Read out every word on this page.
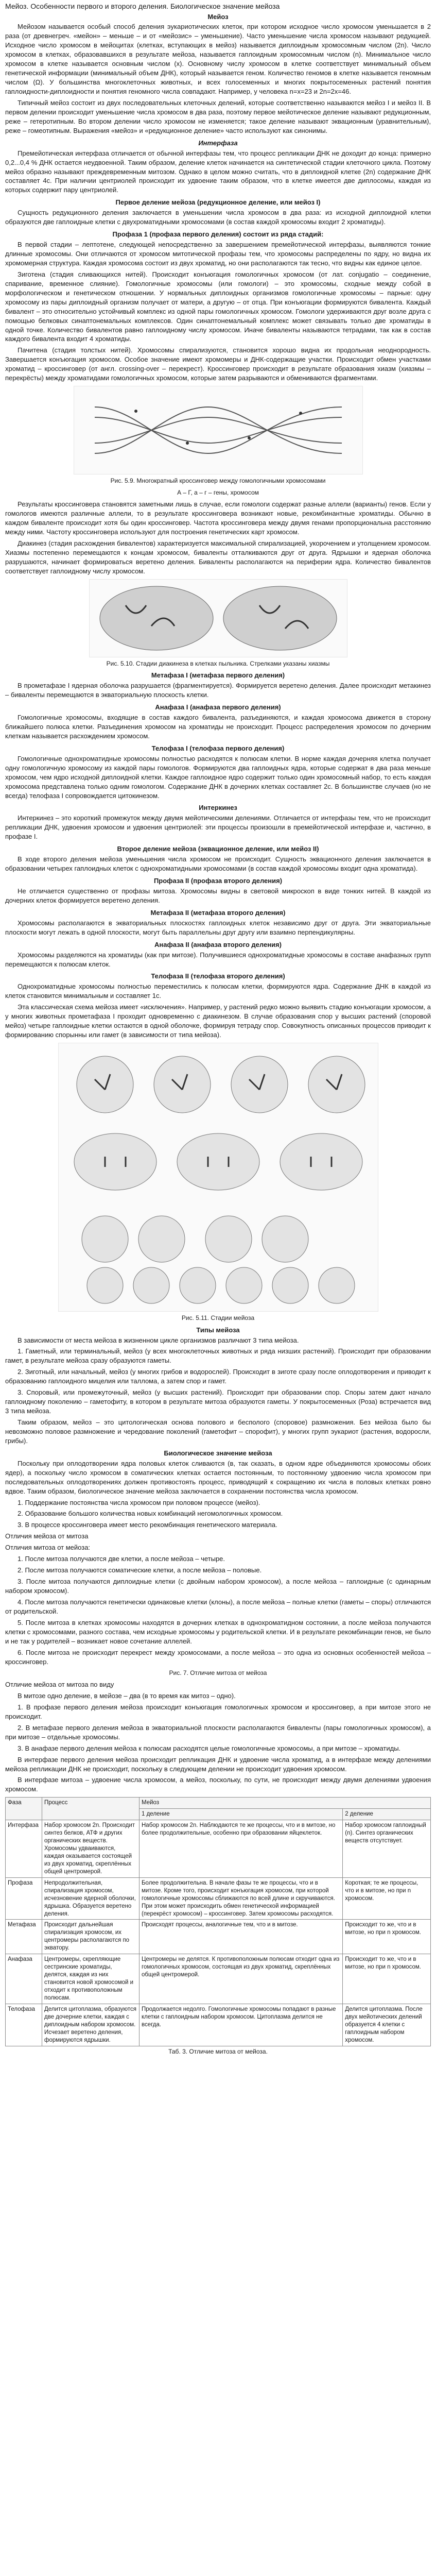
Мейоз. Особенности первого и второго деления. Биологическое значение мейоза
Мейоз

Мейозом называется особый способ деления эукариотических клеток, при котором исходное число хромосом уменьшается в 2 раза (от древнегреч. «мейон» – меньше – и от «мейозис» – уменьшение). Часто уменьшение числа хромосом называют редукцией. Исходное число хромосом в мейоцитах (клетках, вступающих в мейоз) называется диплоидным хромосомным числом (2n). Число хромосом в клетках, образовавшихся в результате мейоза, называется гаплоидным хромосомным числом (n). Минимальное число хромосом в клетке называется основным числом (x). Основному числу хромосом в клетке соответствует минимальный объем генетической информации (минимальный объем ДНК), который называется геном. Количество геномов в клетке называется геномным числом (Ω). У большинства многоклеточных животных, и всех голосеменных и многих покрытосеменных растений понятия гаплоидности-диплоидности и понятия геномного числа совпадают. Например, у человека n=x=23 и 2n=2x=46.

Типичный мейоз состоит из двух последовательных клеточных делений, которые соответственно называются мейоз I и мейоз II. В первом делении происходит уменьшение числа хромосом в два раза, поэтому первое мейотическое деление называют редукционным, реже – гетеротипным. Во втором делении число хромосом не изменяется; такое деление называют эквационным (уравнительным), реже – гомеотипным. Выражения «мейоз» и «редукционное деление» часто используют как синонимы.

Интерфаза

Премейотическая интерфаза отличается от обычной интерфазы тем, что процесс репликации ДНК не доходит до конца: примерно 0,2...0,4 % ДНК остается неудвоенной. Таким образом, деление клеток начинается на синтетической стадии клеточного цикла. Поэтому мейоз образно называют преждевременным митозом. Однако в целом можно считать, что в диплоидной клетке (2n) содержание ДНК составляет 4c. При наличии центриолей происходит их удвоение таким образом, что в клетке имеется две диплосомы, каждая из которых содержит пару центриолей.

Первое деление мейоза (редукционное деление, или мейоз I)

Сущность редукционного деления заключается в уменьшении числа хромосом в два раза: из исходной диплоидной клетки образуются две гаплоидные клетки с двухроматидными хромосомами (в состав каждой хромосомы входит 2 хроматиды).

Профаза 1 (профаза первого деления) состоит из ряда стадий:

В первой стадии – лептотене, следующей непосредственно за завершением премейотической интерфазы, выявляются тонкие длинные хромосомы. Они отличаются от хромосом митотической профазы тем, что хромосомы распределены по ядру, но видна их хромомерная структура. Каждая хромосома состоит из двух хроматид, но они располагаются так тесно, что видны как единое целое.

Зиготена (стадия сливающихся нитей). Происходит конъюгация гомологичных хромосом (от лат. conjugatio – соединение, спаривание, временное слияние). Гомологичные хромосомы (или гомологи) – это хромосомы, сходные между собой в морфологическом и генетическом отношении. У нормальных диплоидных организмов гомологичные хромосомы – парные: одну хромосому из пары диплоидный организм получает от матери, а другую – от отца. При конъюгации формируются бивалента. Каждый бивалент – это относительно устойчивый комплекс из одной пары гомологичных хромосом. Гомологи удерживаются друг возле друга с помощью белковых синаптонемальных комплексов. Один синаптонемальный комплекс может связывать только две хроматиды в одной точке. Количество бивалентов равно гаплоидному числу хромосом. Иначе биваленты называются тетрадами, так как в состав каждого бивалента входит 4 хроматиды.

Пачитена (стадия толстых нитей). Хромосомы спирализуются, становится хорошо видна их продольная неоднородность. Завершается конъюгация хромосом. Особое значение имеют хромомеры и ДНК-содержащие участки. Происходит обмен участками хроматид – кроссинговер (от англ. crossing-over – перекрест). Кроссинговер происходит в результате образования хиазм (хиазмы – перекрёсты) между хроматидами гомологичных хромосом, которые затем разрываются и обмениваются фрагментами.

Рис. 5.9. Многократный кроссинговер между гомологичными хромосомами
А – Г, а – г – гены, хромосом

Результаты кроссинговера становятся заметными лишь в случае, если гомологи содержат разные аллели (варианты) генов. Если у гомологов имеются различные аллели, то в результате кроссинговера возникают новые, рекомбинантные хроматиды. Обычно в каждом биваленте происходит хотя бы один кроссинговер. Частота кроссинговера между двумя генами пропорциональна расстоянию между ними. Частоту кроссинговера используют для построения генетических карт хромосом.

Диакинез (стадия расхождения бивалентов) характеризуется максимальной спирализацией, укорочением и утолщением хромосом. Хиазмы постепенно перемещаются к концам хромосом, биваленты отталкиваются друг от друга. Ядрышки и ядерная оболочка разрушаются, начинает формироваться веретено деления. Биваленты располагаются на периферии ядра. Количество бивалентов соответствует гаплоидному числу хромосом.

Рис. 5.10. Стадии диакинеза в клетках пыльника. Стрелками указаны хиазмы
Метафаза I (метафаза первого деления)

В прометафазе I ядерная оболочка разрушается (фрагментируется). Формируется веретено деления. Далее происходит метакинез – биваленты перемещаются в экваториальную плоскость клетки.

Анафаза I (анафаза первого деления)

Гомологичные хромосомы, входящие в состав каждого бивалента, разъединяются, и каждая хромосома движется в сторону ближайшего полюса клетки. Разъединения хромосом на хроматиды не происходит. Процесс распределения хромосом по дочерним клеткам называется расхождением хромосом.

Телофаза I (телофаза первого деления)

Гомологичные однохроматидные хромосомы полностью расходятся к полюсам клетки. В норме каждая дочерняя клетка получает одну гомологичную хромосому из каждой пары гомологов. Формируются два гаплоидных ядра, которые содержат в два раза меньше хромосом, чем ядро исходной диплоидной клетки. Каждое гаплоидное ядро содержит только один хромосомный набор, то есть каждая хромосома представлена только одним гомологом. Содержание ДНК в дочерних клетках составляет 2c. В большинстве случаев (но не всегда) телофаза I сопровождается цитокинезом.

Интеркинез

Интеркинез – это короткий промежуток между двумя мейотическими делениями. Отличается от интерфазы тем, что не происходит репликации ДНК, удвоения хромосом и удвоения центриолей: эти процессы произошли в премейотической интерфазе и, частично, в профазе I.

Второе деление мейоза (эквационное деление, или мейоз II)

В ходе второго деления мейоза уменьшения числа хромосом не происходит. Сущность эквационного деления заключается в образовании четырех гаплоидных клеток с однохроматидными хромосомами (в состав каждой хромосомы входит одна хроматида).

Профаза II (профаза второго деления)

Не отличается существенно от профазы митоза. Хромосомы видны в световой микроскоп в виде тонких нитей. В каждой из дочерних клеток формируется веретено деления.

Метафаза II (метафаза второго деления)

Хромосомы располагаются в экваториальных плоскостях гаплоидных клеток независимо друг от друга. Эти экваториальные плоскости могут лежать в одной плоскости, могут быть параллельны друг другу или взаимно перпендикулярны.

Анафаза II (анафаза второго деления)

Хромосомы разделяются на хроматиды (как при митозе). Получившиеся однохроматидные хромосомы в составе анафазных групп перемещаются к полюсам клеток.

Телофаза II (телофаза второго деления)

Однохроматидные хромосомы полностью переместились к полюсам клетки, формируются ядра. Содержание ДНК в каждой из клеток становится минимальным и составляет 1c.

Эта классическая схема мейоза имеет «исключения». Например, у растений редко можно выявить стадию конъюгации хромосом, а у многих животных прометафаза I проходит одновременно с диакинезом. В случае образования спор у высших растений (споровой мейоз) четыре гаплоидные клетки остаются в одной оболочке, формируя тетраду спор. Совокупность описанных процессов приводит к формированию спорынны или гамет (в зависимости от типа мейоза).

Рис. 5.11. Стадии мейоза
Типы мейоза

В зависимости от места мейоза в жизненном цикле организмов различают 3 типа мейоза.

1. Гаметный, или терминальный, мейоз (у всех многоклеточных животных и ряда низших растений). Происходит при образовании гамет, в результате мейоза сразу образуются гаметы.
2. Зиготный, или начальный, мейоз (у многих грибов и водорослей). Происходит в зиготе сразу после оплодотворения и приводит к образованию гаплоидного мицелия или таллома, а затем спор и гамет.
3. Споровый, или промежуточный, мейоз (у высших растений). Происходит при образовании спор. Споры затем дают начало гаплоидному поколению – гаметофиту, в котором в результате митоза образуются гаметы. У покрытосеменных (Роза) встречается вид 3 типа мейоза.

Таким образом, мейоз – это цитологическая основа полового и бесполого (споровое) размножения. Без мейоза было бы невозможно половое размножение и чередование поколений (гаметофит – спорофит), у многих групп эукариот (растения, водоросли, грибы).

Биологическое значение мейоза

Поскольку при оплодотворении ядра половых клеток сливаются (в, так сказать, в одном ядре объединяются хромосомы обоих ядер), а поскольку число хромосом в соматических клетках остается постоянным, то постоянному удвоению числа хромосом при последовательных оплодотворениях должен противостоять процесс, приводящий к сокращению их числа в половых клетках ровно вдвое. Таким образом, биологическое значение мейоза заключается в сохранении постоянства числа хромосом.

1. Поддержание постоянства числа хромосом при половом процессе (мейоз).
2. Образование большого количества новых комбинаций негомологичных хромосом.
3. В процессе кроссинговера имеет место рекомбинация генетического материала.

Отличия мейоза от митоза

Отличия митоза от мейоза:

1. После митоза получаются две клетки, а после мейоза – четыре.
2. После митоза получаются соматические клетки, а после мейоза – половые.
3. После митоза получаются диплоидные клетки (с двойным набором хромосом), а после мейоза – гаплоидные (с одинарным набором хромосом).
4. После митоза получаются генетически одинаковые клетки (клоны), а после мейоза – полные клетки (гаметы – споры) отличаются от родительской.
5. После митоза в клетках хромосомы находятся в дочерних клетках в однохроматидном состоянии, а после мейоза получаются клетки с хромосомами, разного состава, чем исходные хромосомы у родительской клетки. И в результате рекомбинации генов, не было и не так у родителей – возникает новое сочетание аллелей.
6. После митоза не происходит перекрест между хромосомами, а после мейоза – это одна из основных особенностей мейоза – кроссинговер.
Рис. 7. Отличие митоза от мейоза

Отличие мейоза от митоза по виду

В митозе одно деление, в мейозе – два (в то время как митоз – одно).
1. В профазе первого деления мейоза происходит конъюгация гомологичных хромосом и кроссинговер, а при митозе этого не происходит.
2. В метафазе первого деления мейоза в экваториальной плоскости располагаются биваленты (пары гомологичных хромосом), а при митозе – отдельные хромосомы.
3. В анафазе первого деления мейоза к полюсам расходятся целые гомологичные хромосомы, а при митозе – хроматиды.

В интерфазе первого деления мейоза происходит репликация ДНК и удвоение числа хроматид, а в интерфазе между делениями мейоза репликации ДНК не происходит, поскольку в следующем делении не происходит удвоения хромосом.

В интерфазе митоза – удвоение числа хромосом, а мейоз, поскольку, по сути, не происходит между двумя делениями удвоения хромосом.

Фаза	Процесс	Мейоз	
		1 деление	2 деление
Интерфаза	Набор хромосом 2n. Происходит синтез белков, АТФ и других органических веществ. Хромосомы удваиваются, каждая оказывается состоящей из двух хроматид, скреплённых общей центромерой.	Набор хромосом 2n. Наблюдаются те же процессы, что и в митозе, но более продолжительные, особенно при образовании яйцеклеток.	Набор хромосом гаплоидный (n). Синтез органических веществ отсутствует.
Профаза	Непродолжительная, спирализация хромосом, исчезновение ядерной оболочки, ядрышка. Образуется веретено деления.	Более продолжительна. В начале фазы те же процессы, что и в митозе. Кроме того, происходит конъюгация хромосом, при которой гомологичные хромосомы сближаются по всей длине и скручиваются. При этом может происходить обмен генетической информацией (перекрёст хромосом) – кроссинговер. Затем хромосомы расходятся.	Короткая; те же процессы, что и в митозе, но при n хромосом.
Метафаза	Происходит дальнейшая спирализация хромосом, их центромеры располагаются по экватору.	Происходят процессы, аналогичные тем, что и в митозе.	Происходит то же, что и в митозе, но при n хромосом.
Анафаза	Центромеры, скрепляющие сестринские хроматиды, делятся, каждая из них становится новой хромосомой и отходит к противоположным полюсам.	Центромеры не делятся. К противоположным полюсам отходит одна из гомологичных хромосом, состоящая из двух хроматид, скреплённых общей центромерой.	Происходит то же, что и в митозе, но при n хромосом.
Телофаза	Делится цитоплазма, образуются две дочерние клетки, каждая с диплоидным набором хромосом. Исчезает веретено деления, формируются ядрышки.	Продолжается недолго. Гомологичные хромосомы попадают в разные клетки с гаплоидным набором хромосом. Цитоплазма делится не всегда.	Делится цитоплазма. После двух мейотических делений образуется 4 клетки с гаплоидным набором хромосом.
Таб. 3. Отличие митоза от мейоза.
